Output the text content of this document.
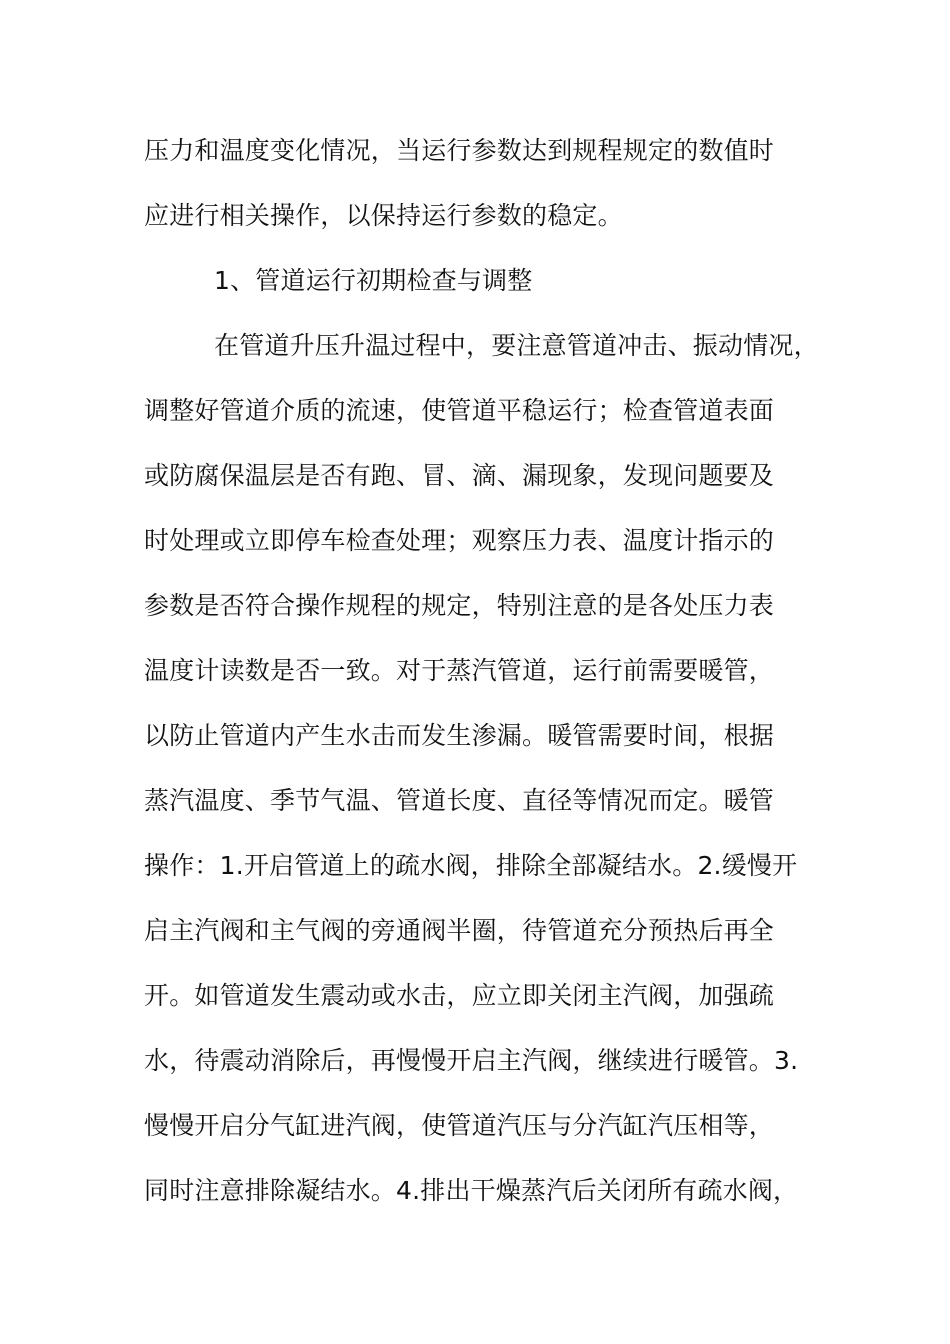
压力和温度变化情况，当运行参数达到规程规定的数值时
应进行相关操作，以保持运行参数的稳定。
1、管道运行初期检查与调整
在管道升压升温过程中，要注意管道冲击、振动情况，
调整好管道介质的流速，使管道平稳运行；检查管道表面
或防腐保温层是否有跑、冒、滴、漏现象，发现问题要及
时处理或立即停车检查处理；观察压力表、温度计指示的
参数是否符合操作规程的规定，特别注意的是各处压力表
温度计读数是否一致。对于蒸汽管道，运行前需要暖管，
以防止管道内产生水击而发生渗漏。暖管需要时间，根据
蒸汽温度、季节气温、管道长度、直径等情况而定。暖管
操作：1.开启管道上的疏水阀，排除全部凝结水。2.缓慢开
启主汽阀和主气阀的旁通阀半圈，待管道充分预热后再全
开。如管道发生震动或水击，应立即关闭主汽阀，加强疏
水，待震动消除后，再慢慢开启主汽阀，继续进行暖管。3.
慢慢开启分气缸进汽阀，使管道汽压与分汽缸汽压相等，
同时注意排除凝结水。4.排出干燥蒸汽后关闭所有疏水阀，
